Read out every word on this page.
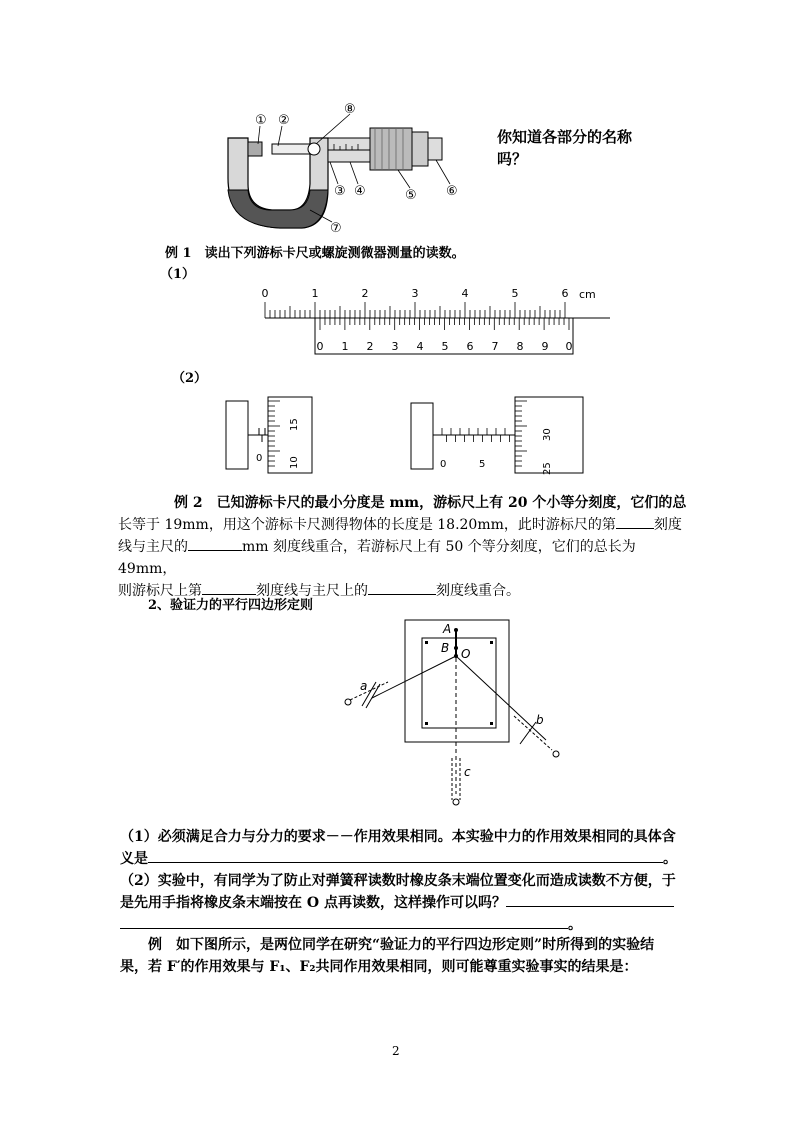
① ②
⑧
③ ④	⑤ ⑥
⑦
你知道各部分的名称吗？
例 1　读出下列游标卡尺或螺旋测微器测量的读数。
（1）
0	1	2	3	4	5	6 cm
0 1 2 3 4 5 6 7 8 9 0
（2）
0
15
10	0	5
30
25
例 2　已知游标卡尺的最小分度是 mm，游标尺上有 20 个小等分刻度，它们的总
长等于 19mm，用这个游标卡尺测得物体的长度是 18.20mm，此时游标尺的第	刻度
线与主尺的	mm 刻度线重合，若游标尺上有 50 个等分刻度，它们的总长为 49mm，
则游标尺上第	刻度线与主尺上的	刻度线重合。
2、验证力的平行四边形定则
A
B O
a
b
c
（1）必须满足合力与分力的要求－－作用效果相同。本实验中力的作用效果相同的具体含
义是	。
（2）实验中，有同学为了防止对弹簧秤读数时橡皮条末端位置变化而造成读数不方便，于
是先用手指将橡皮条末端按在 O 点再读数，这样操作可以吗？
。
例　如下图所示，是两位同学在研究“验证力的平行四边形定则”时所得到的实验结
果，若 F′的作用效果与 F₁、F₂共同作用效果相同，则可能尊重实验事实的结果是：
2
